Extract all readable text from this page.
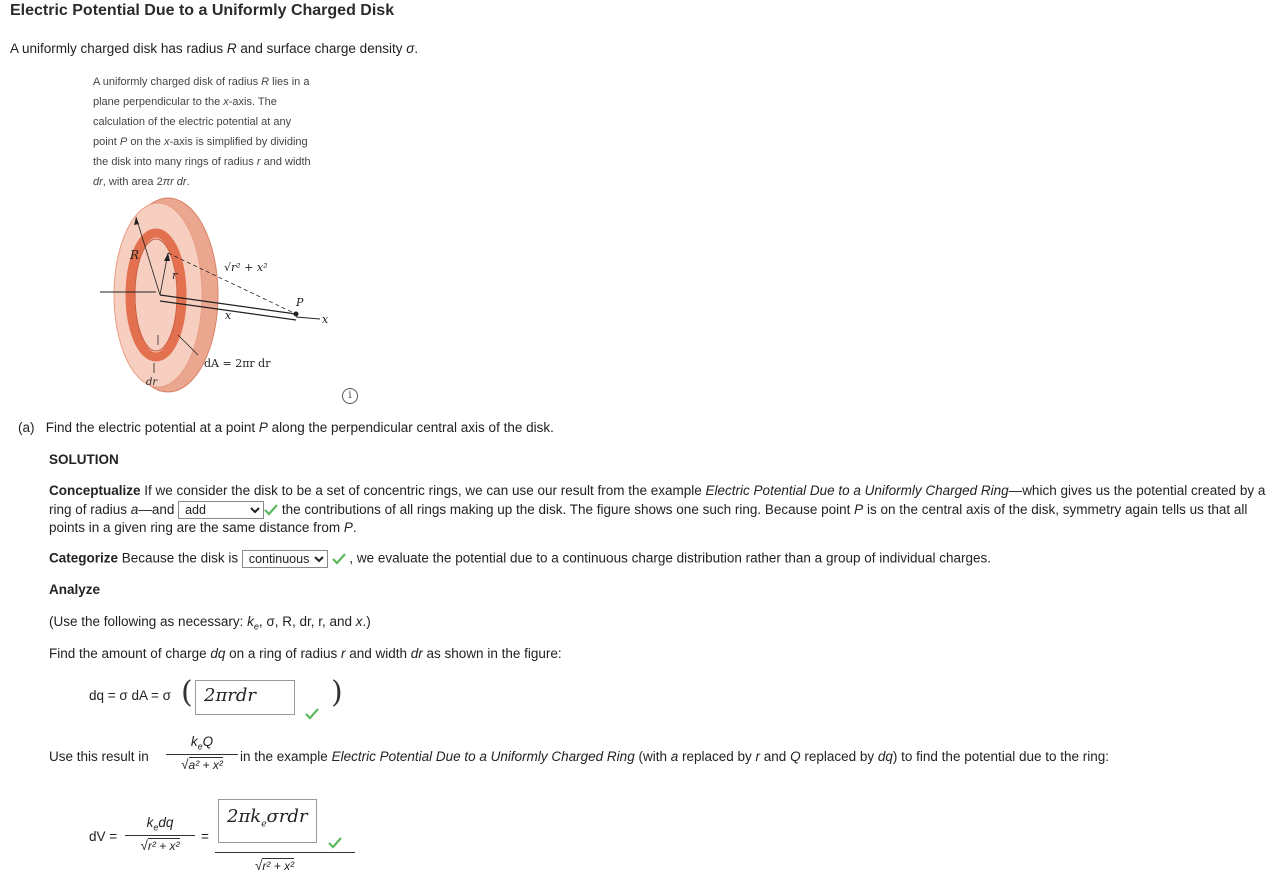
Electric Potential Due to a Uniformly Charged Disk
A uniformly charged disk has radius R and surface charge density σ.
A uniformly charged disk of radius R lies in a
plane perpendicular to the x-axis. The
calculation of the electric potential at any
point P on the x-axis is simplified by dividing
the disk into many rings of radius r and width
dr, with area 2πr dr.
R
r
√r² + x²
P
x
x
dA = 2πr dr
dr
i
(a) Find the electric potential at a point P along the perpendicular central axis of the disk.
SOLUTION
Conceptualize If we consider the disk to be a set of concentric rings, we can use our result from the example Electric Potential Due to a Uniformly Charged Ring—which gives us the potential created by a ring of radius a—and
add	the contributions of all rings making up the disk. The figure shows one such ring. Because point P is on the central axis of the disk, symmetry again tells us that all points in a given ring are the same distance from P.
Categorize Because the disk is
continuous	, we evaluate the potential due to a continuous charge distribution rather than a group of individual charges.
Analyze
(Use the following as necessary: $k_e$, σ, R, dr, r, and x.)
Find the amount of charge dq on a ring of radius r and width dr as shown in the figure:
dq = σ dA = σ ( 2πrdr	)
Use this result in
$k_eQ$
√a² + x²
in the example Electric Potential Due to a Uniformly Charged Ring (with a replaced by r and Q replaced by dq) to find the potential due to the ring:
dV =
$k_edq$
√r² + x²
=
$2\pi k_e\sigma rdr$
√r² + x²
